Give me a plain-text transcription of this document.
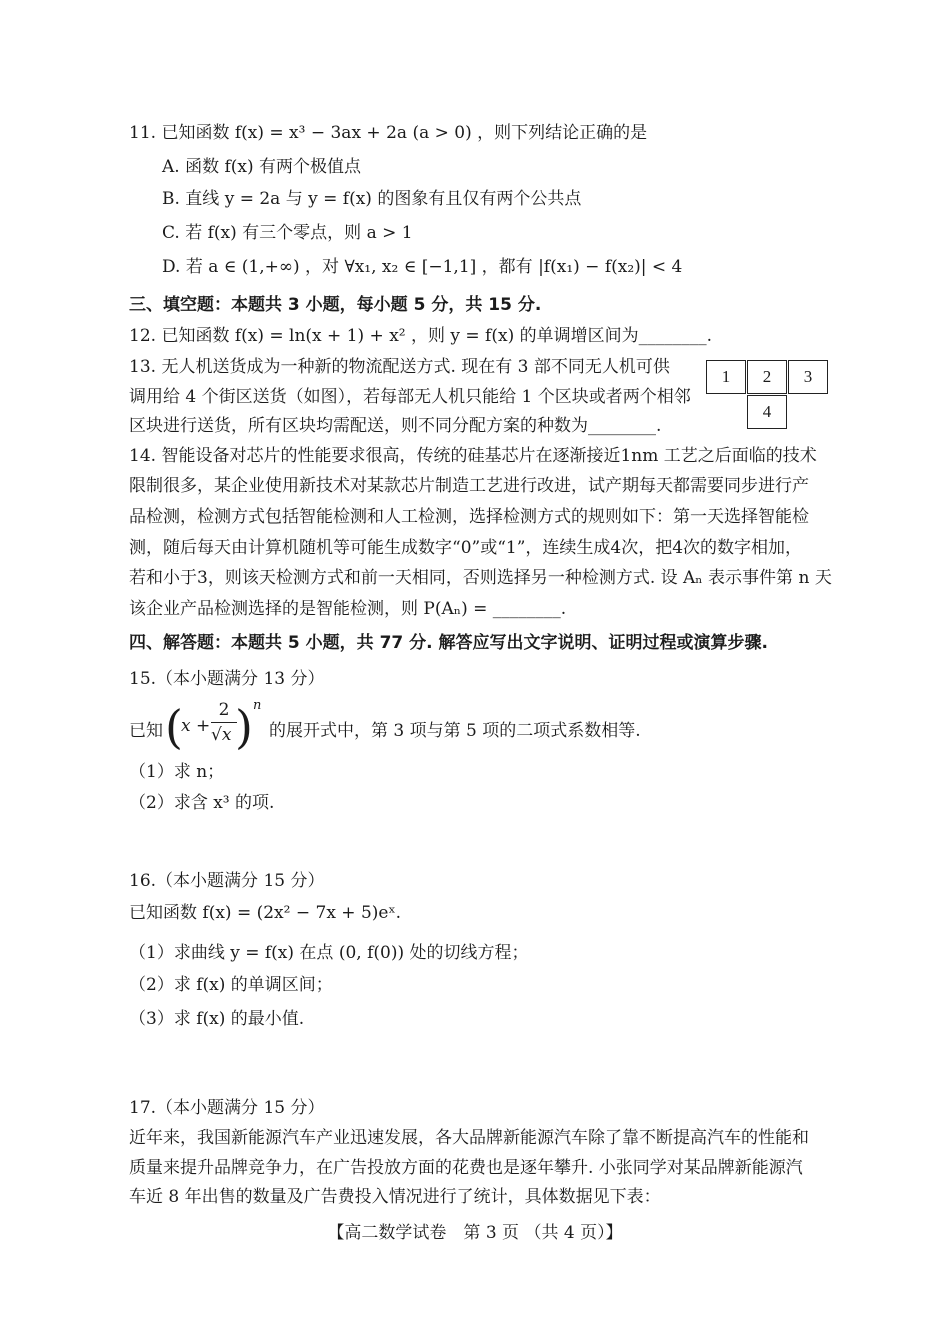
11. 已知函数 f(x) = x³ − 3ax + 2a (a > 0) ，则下列结论正确的是
A. 函数 f(x) 有两个极值点
B. 直线 y = 2a 与 y = f(x) 的图象有且仅有两个公共点
C. 若 f(x) 有三个零点，则 a > 1
D. 若 a ∈ (1,+∞) ，对 ∀x₁, x₂ ∈ [−1,1] ，都有 |f(x₁) − f(x₂)| < 4
三、填空题：本题共 3 小题，每小题 5 分，共 15 分.
12. 已知函数 f(x) = ln(x + 1) + x² ，则 y = f(x) 的单调增区间为________.
13. 无人机送货成为一种新的物流配送方式. 现在有 3 部不同无人机可供
调用给 4 个街区送货（如图），若每部无人机只能给 1 个区块或者两个相邻
区块进行送货，所有区块均需配送，则不同分配方案的种数为________.
1	2	3
4
14. 智能设备对芯片的性能要求很高，传统的硅基芯片在逐渐接近1nm 工艺之后面临的技术
限制很多，某企业使用新技术对某款芯片制造工艺进行改进，试产期每天都需要同步进行产
品检测，检测方式包括智能检测和人工检测，选择检测方式的规则如下：第一天选择智能检
测，随后每天由计算机随机等可能生成数字“0”或“1”，连续生成4次，把4次的数字相加，
若和小于3，则该天检测方式和前一天相同，否则选择另一种检测方式. 设 Aₙ 表示事件第 n 天
该企业产品检测选择的是智能检测，则 P(Aₙ) = ________.
四、解答题：本题共 5 小题，共 77 分. 解答应写出文字说明、证明过程或演算步骤.
15.（本小题满分 13 分）
已知 (
x +
2
√x ) n
的展开式中，第 3 项与第 5 项的二项式系数相等.
（1）求 n；
（2）求含 x³ 的项.
16.（本小题满分 15 分）
已知函数 f(x) = (2x² − 7x + 5)eˣ.
（1）求曲线 y = f(x) 在点 (0, f(0)) 处的切线方程；
（2）求 f(x) 的单调区间；
（3）求 f(x) 的最小值.
17.（本小题满分 15 分）
近年来，我国新能源汽车产业迅速发展，各大品牌新能源汽车除了靠不断提高汽车的性能和
质量来提升品牌竞争力，在广告投放方面的花费也是逐年攀升. 小张同学对某品牌新能源汽
车近 8 年出售的数量及广告费投入情况进行了统计，具体数据见下表：
【高二数学试卷　第 3 页 （共 4 页）】
